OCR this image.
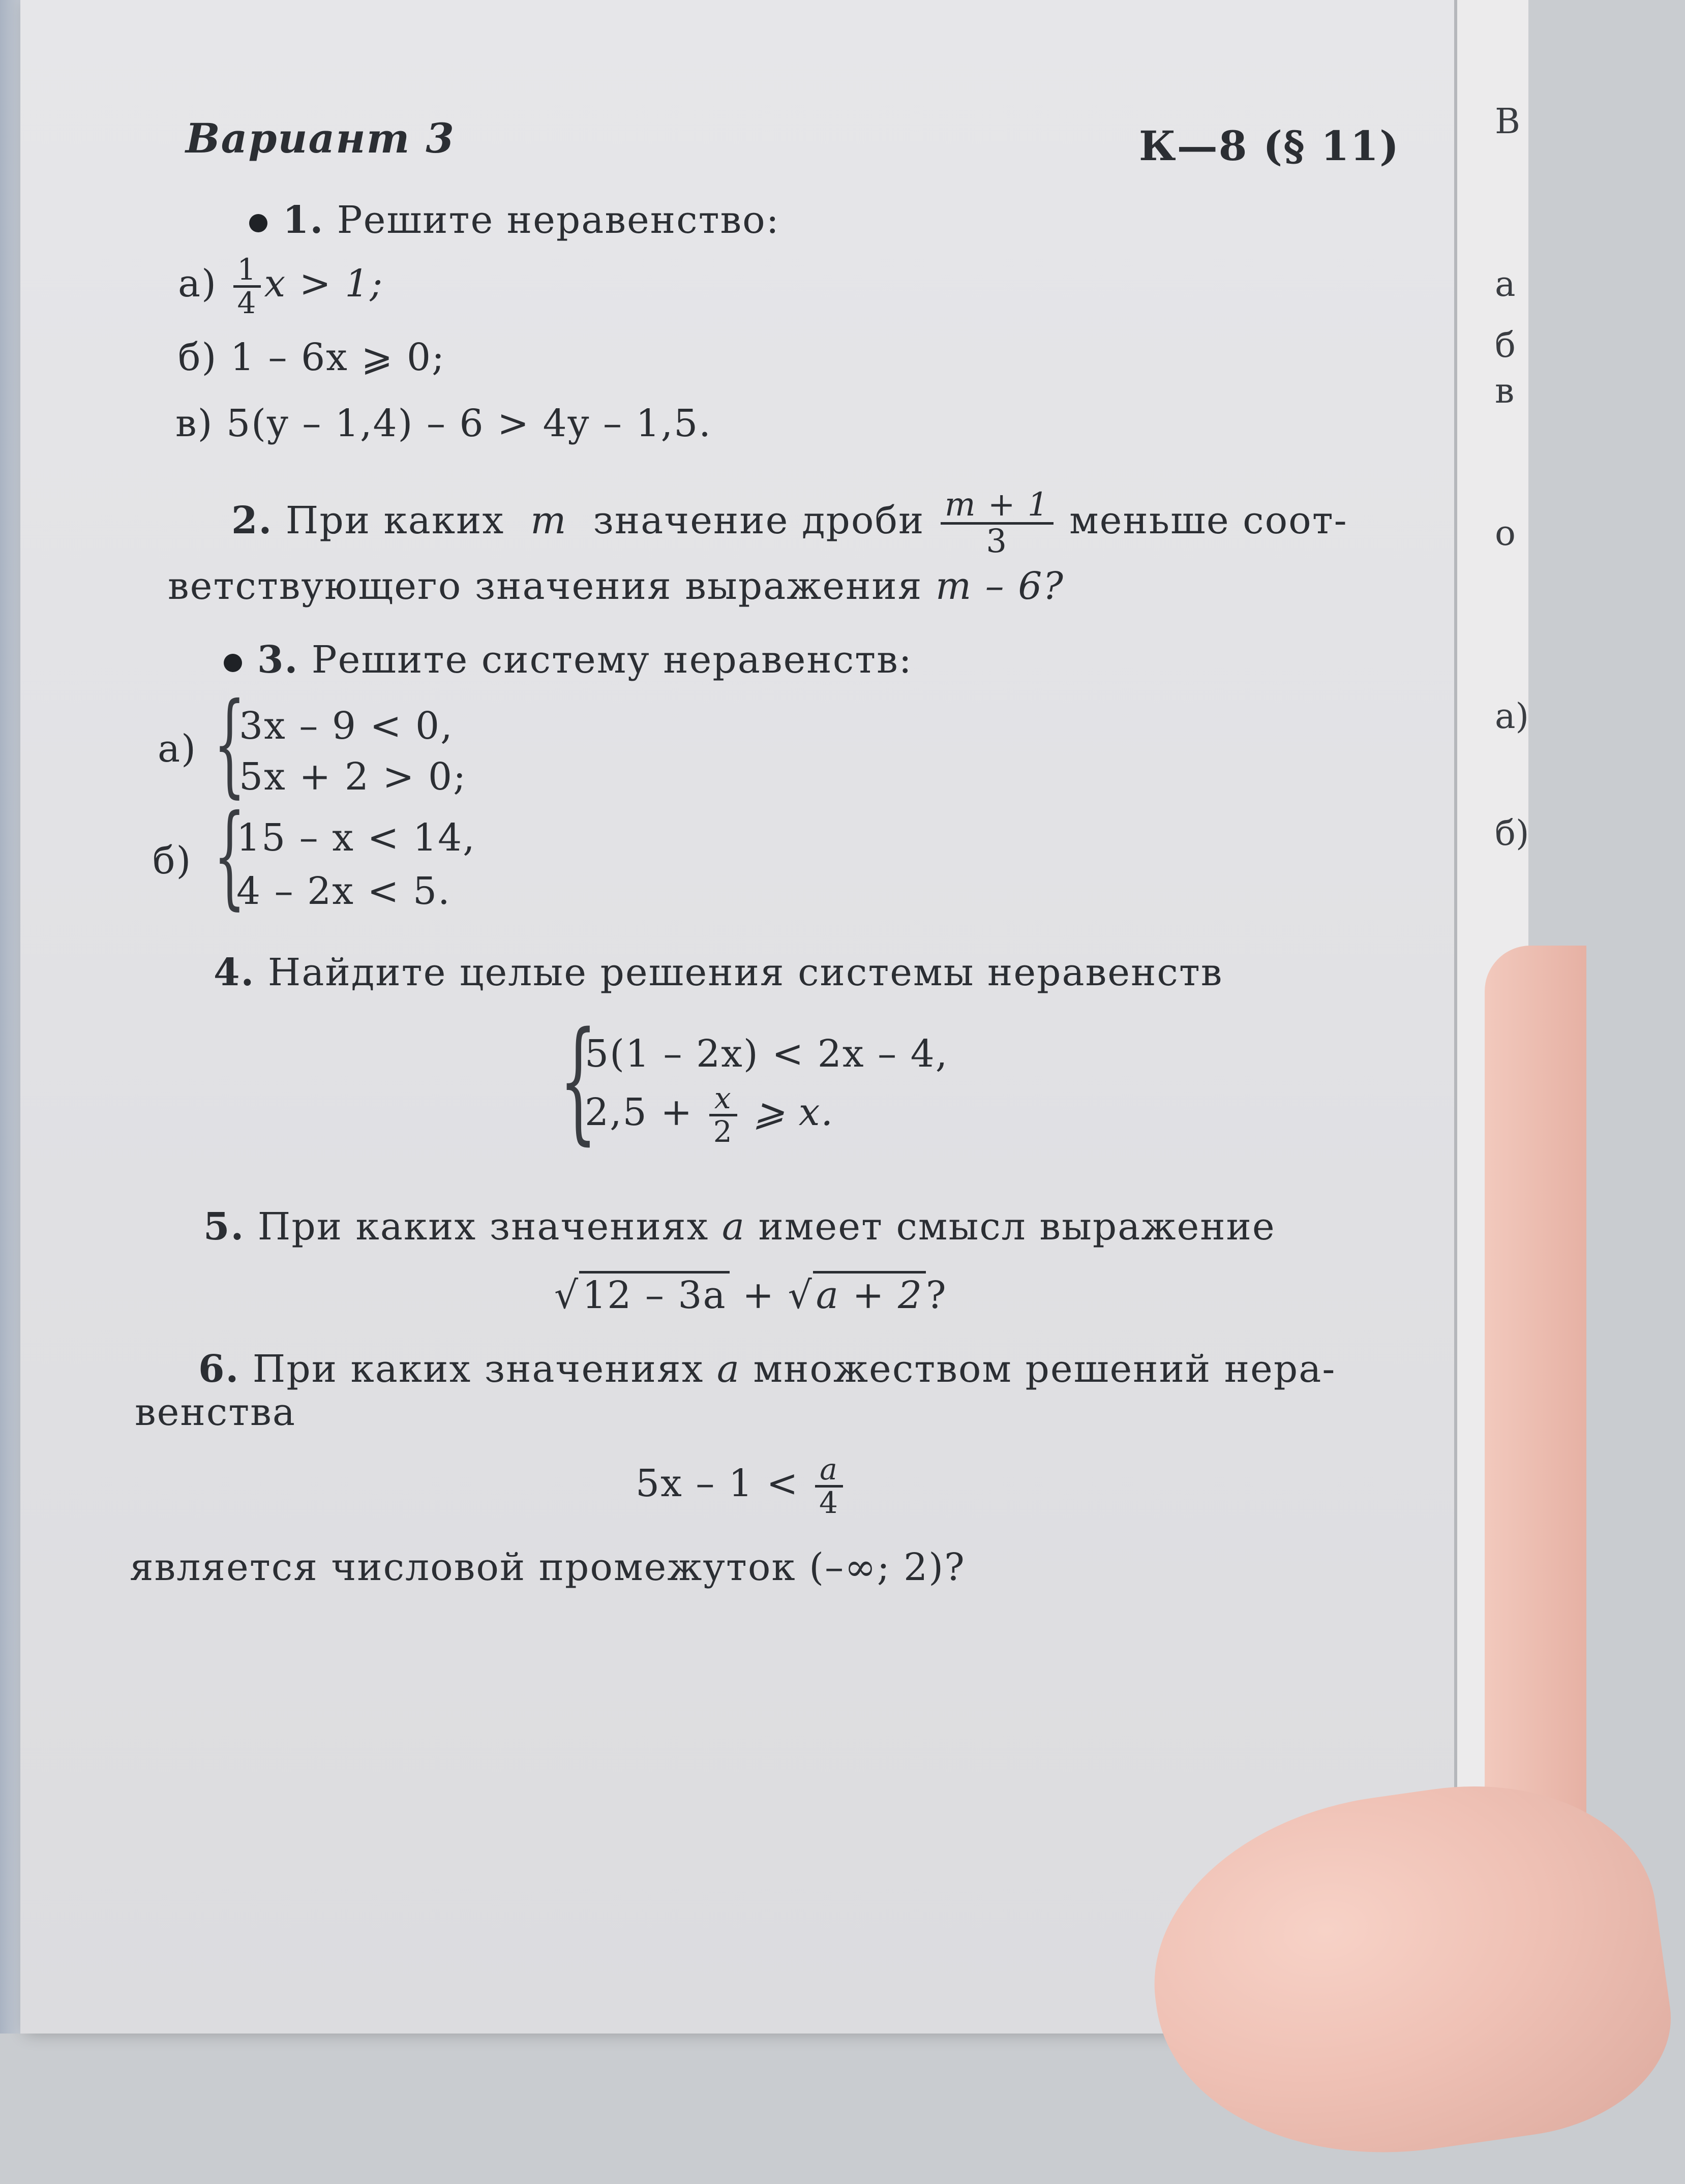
В
а
б
в
о
а)
б)
Вариант 3	К—8 (§ 11)
1. Решите неравенство:
$а) \frac{1}{4}$ x > 1;
б) 1 – 6x ⩾ 0;
в) 5(y – 1,4) – 6 > 4y – 1,5.
2. При каких m значение дроби $\frac{m + 1}{3}$ меньше соот-
ветствующего значения выражения m – 6?
3. Решите систему неравенств:
а) {
3x – 9 < 0,
5x + 2 > 0;
б) {
15 – x < 14,
4 – 2x < 5.
4. Найдите целые решения системы неравенств
{
5(1 – 2x) < 2x – 4,
$2,5 + \frac{x}{2}$ ⩾ x.
5. При каких значениях a имеет смысл выражение
√12 – 3a + √a + 2?
6. При каких значениях a множеством решений нера-
венства
$5x - 1 < \frac{a}{4}$
является числовой промежуток (–∞; 2)?
